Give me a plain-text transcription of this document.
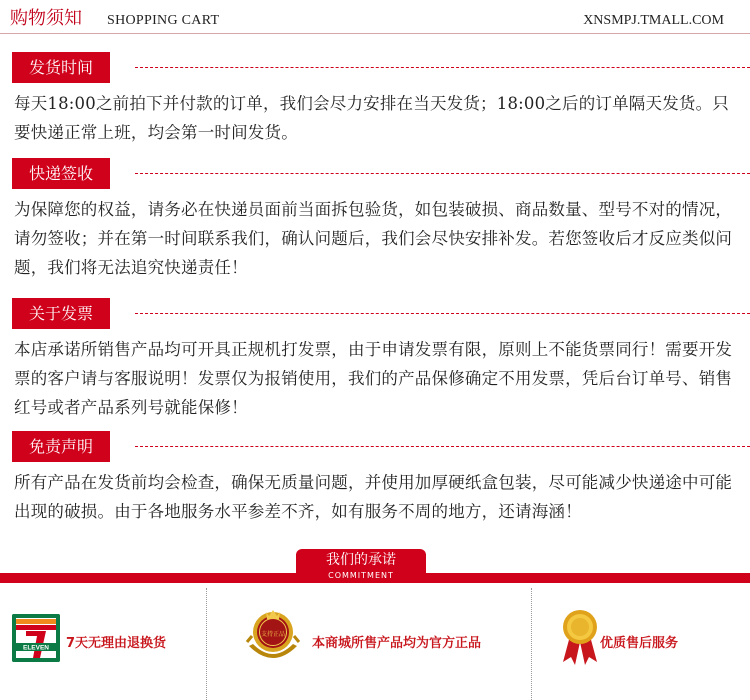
购物须知 SHOPPING CART	XNSMPJ.TMALL.COM
发货时间

每天18:00之前拍下并付款的订单，我们会尽力安排在当天发货；18:00之后的订单隔天发货。只要快递正常上班，均会第一时间发货。

快递签收

为保障您的权益，请务必在快递员面前当面拆包验货，如包装破损、商品数量、型号不对的情况，请勿签收；并在第一时间联系我们，确认问题后，我们会尽快安排补发。若您签收后才反应类似问题，我们将无法追究快递责任！

关于发票

本店承诺所销售产品均可开具正规机打发票，由于申请发票有限，原则上不能货票同行！需要开发票的客户请与客服说明！发票仅为报销使用，我们的产品保修确定不用发票，凭后台订单号、销售红号或者产品系列号就能保修！

免责声明

所有产品在发货前均会检查，确保无质量问题，并使用加厚硬纸盒包装，尽可能减少快递途中可能出现的破损。由于各地服务水平参差不齐，如有服务不周的地方，还请海涵！

我们的承诺
COMMITMENT
ELEVEN 7天无理由退换货
支持正品
本商城所售产品均为官方正品	优质售后服务
